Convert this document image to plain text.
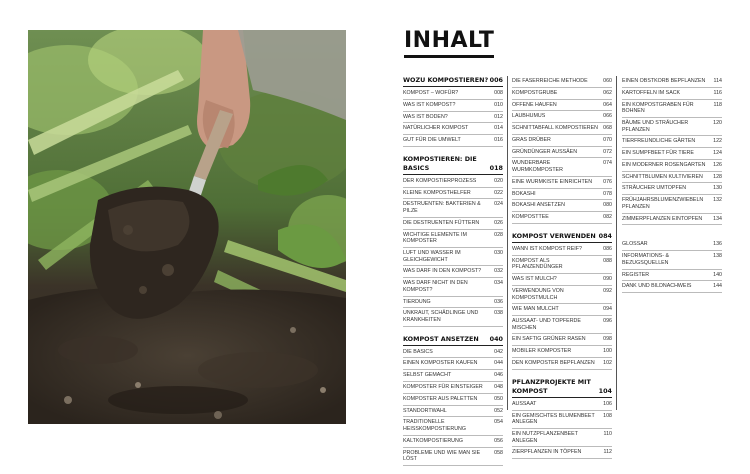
INHALT
WOZU KOMPOSTIEREN? 006
KOMPOST – WOFÜR?	008
WAS IST KOMPOST?	010
WAS IST BODEN?	012
NATÜRLICHER KOMPOST	014
GUT FÜR DIE UMWELT	016
KOMPOSTIEREN: DIE BASICS	018
DER KOMPOSTIERPROZESS	020
KLEINE KOMPOSTHELFER	022
DESTRUENTEN: BAKTERIEN & PILZE
024
DIE DESTRUENTEN FÜTTERN	026
WICHTIGE ELEMENTE IM KOMPOSTER
028
LUFT UND WASSER IM GLEICHGEWICHT
030
WAS DARF IN DEN KOMPOST?	032
WAS DARF NICHT IN DEN KOMPOST?
034
TIERDUNG	036
UNKRAUT, SCHÄDLINGE UND KRANKHEITEN
038
KOMPOST ANSETZEN 040
DIE BASICS	042
EINEN KOMPOSTER KAUFEN	044
SELBST GEMACHT	046
KOMPOSTER FÜR EINSTEIGER	048
KOMPOSTER AUS PALETTEN	050
STANDORTWAHL	052
TRADITIONELLE HEISSKOMPOSTIERUNG
054
KALTKOMPOSTIERUNG	056
PROBLEME UND WIE MAN SIE LÖST
058
DIE FASERREICHE METHODE	060
KOMPOSTGRUBE	062
OFFENE HAUFEN	064
LAUBHUMUS	066
SCHNITTABFALL KOMPOSTIEREN 068
GRAS DRÜBER	070
GRÜNDÜNGER AUSSÄEN	072
WUNDERBARE WURMKOMPOSTER
074
EINE WURMKISTE EINRICHTEN	076
BOKASHI	078
BOKASHI ANSETZEN	080
KOMPOSTTEE	082
KOMPOST VERWENDEN 084
WANN IST KOMPOST REIF?	086
KOMPOST ALS PFLANZENDÜNGER
088
WAS IST MULCH?	090
VERWENDUNG VON KOMPOSTMULCH
092
WIE MAN MULCHT	094
AUSSAAT- UND TOPFERDE MISCHEN
096
EIN SAFTIG GRÜNER RASEN	098
MOBILER KOMPOSTER	100
DEN KOMPOSTER BEPFLANZEN	102
PFLANZPROJEKTE MIT KOMPOST	104
AUSSAAT	106
EIN GEMISCHTES BLUMENBEET ANLEGEN
108
EIN NUTZPFLANZENBEET ANLEGEN
110
ZIERPFLANZEN IN TÖPFEN	112
EINEN OBSTKORB BEPFLANZEN	114
KARTOFFELN IM SACK	116
EIN KOMPOSTGRABEN FÜR BOHNEN
118
BÄUME UND STRÄUCHER PFLANZEN
120
TIERFREUNDLICHE GÄRTEN	122
EIN SUMPFBEET FÜR TIERE	124
EIN MODERNER ROSENGARTEN	126
SCHNITTBLUMEN KULTIVIEREN	128
STRÄUCHER UMTOPFEN	130
FRÜHJAHRSBLUMENZWIEBELN PFLANZEN
132
ZIMMERPFLANZEN EINTOPFEN	134
GLOSSAR	136
INFORMATIONS- & BEZUGSQUELLEN
138
REGISTER	140
DANK UND BILDNACHWEIS	144
